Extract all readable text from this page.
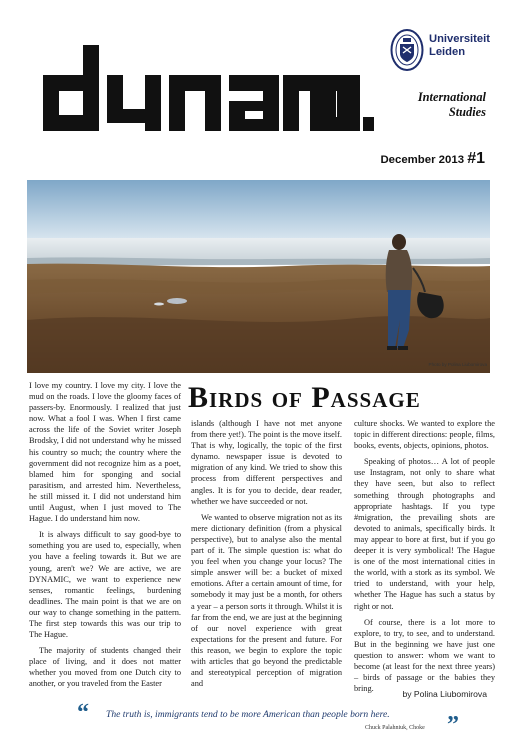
Universiteit
Leiden
International
Studies
December 2013 #1
Photo by Polina Liubomirova
Birds of Passage

I love my country. I love my city. I love the mud on the roads. I love the gloomy faces of passers-by. Enormously. I realized that just now. What a fool I was. When I first came across the life of the Soviet writer Joseph Brodsky, I did not understand why he missed his country so much; the country where the government did not recognize him as a poet, blamed him for sponging and social parasitism, and arrested him. Nevertheless, he still missed it. I did not understand him until August, when I just moved to The Hague. I do understand him now.

It is always difficult to say good-bye to something you are used to, especially, when you have a feeling towards it. But we are young, aren't we? We are active, we are DYNAMIC, we want to experience new senses, romantic feelings, burdening deadlines. The main point is that we are on our way to change something in the pattern. The first step towards this was our trip to The Hague.

The majority of students changed their place of living, and it does not matter whether you moved from one Dutch city to another, or you traveled from the Easter

islands (although I have not met anyone from there yet!). The point is the move itself. That is why, logically, the topic of the first dynamo. newspaper issue is devoted to migration of any kind. We tried to show this process from different perspectives and angles. It is for you to decide, dear reader, whether we have succeeded or not.

We wanted to observe migration not as its mere dictionary definition (from a physical perspective), but to analyse also the mental part of it. The simple question is: what do you feel when you change your locus? The simple answer will be: a bucket of mixed emotions. After a certain amount of time, for somebody it may just be a month, for others a year – a person sorts it through. Whilst it is far from the end, we are just at the beginning of our novel experience with great expectations for the present and future. For this reason, we begin to explore the topic with articles that go beyond the predictable and stereotypical perception of migration and

culture shocks. We wanted to explore the topic in different directions: people, films, books, events, objects, opinions, photos.

Speaking of photos… A lot of people use Instagram, not only to share what they have seen, but also to reflect something through photographs and appropriate hashtags. If you type #migration, the prevailing shots are devoted to animals, specifically birds. It may appear to bore at first, but if you go deeper it is very symbolical! The Hague is one of the most international cities in the world, with a stork as its symbol. We tried to understand, with your help, whether The Hague has such a status by right or not.

Of course, there is a lot more to explore, to try, to see, and to understand. But in the beginning we have just one question to answer: whom we want to become (at least for the next three years) – birds of passage or the babies they bring.

by Polina Liubomirova
“ The truth is, immigrants tend to be more American than people born here.
Chuck Palahniuk, Choke ”
